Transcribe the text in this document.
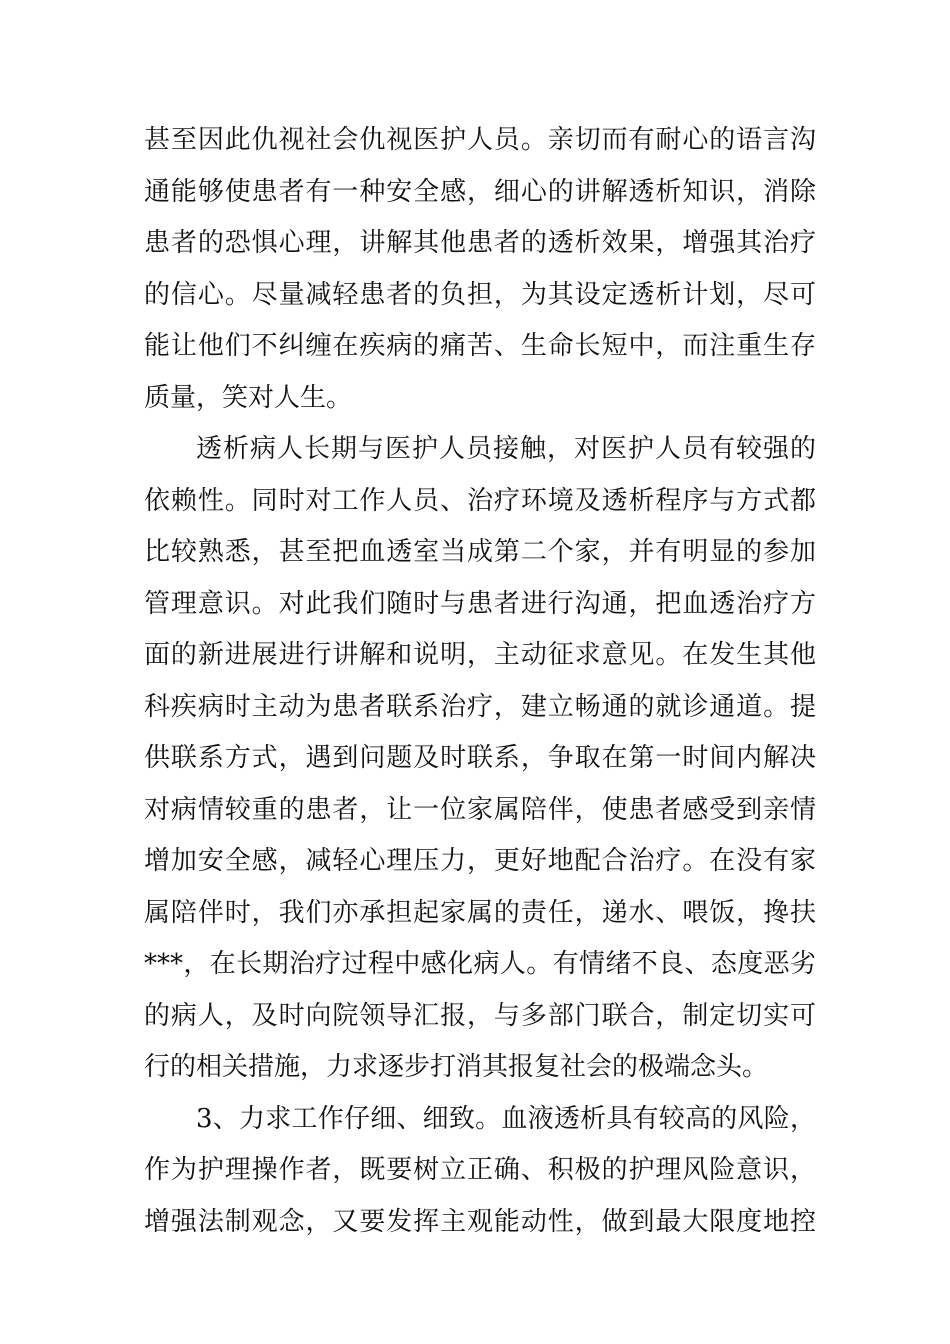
甚至因此仇视社会仇视医护人员。亲切而有耐心的语言沟
通能够使患者有一种安全感，细心的讲解透析知识，消除
患者的恐惧心理，讲解其他患者的透析效果，增强其治疗
的信心。尽量减轻患者的负担，为其设定透析计划，尽可
能让他们不纠缠在疾病的痛苦、生命长短中，而注重生存
质量，笑对人生。
透析病人长期与医护人员接触，对医护人员有较强的
依赖性。同时对工作人员、治疗环境及透析程序与方式都
比较熟悉，甚至把血透室当成第二个家，并有明显的参加
管理意识。对此我们随时与患者进行沟通，把血透治疗方
面的新进展进行讲解和说明，主动征求意见。在发生其他
科疾病时主动为患者联系治疗，建立畅通的就诊通道。提
供联系方式，遇到问题及时联系，争取在第一时间内解决
对病情较重的患者，让一位家属陪伴，使患者感受到亲情
增加安全感，减轻心理压力，更好地配合治疗。在没有家
属陪伴时，我们亦承担起家属的责任，递水、喂饭，搀扶
***，在长期治疗过程中感化病人。有情绪不良、态度恶劣
的病人，及时向院领导汇报，与多部门联合，制定切实可
行的相关措施，力求逐步打消其报复社会的极端念头。
3、力求工作仔细、细致。血液透析具有较高的风险，
作为护理操作者，既要树立正确、积极的护理风险意识，
增强法制观念，又要发挥主观能动性，做到最大限度地控
